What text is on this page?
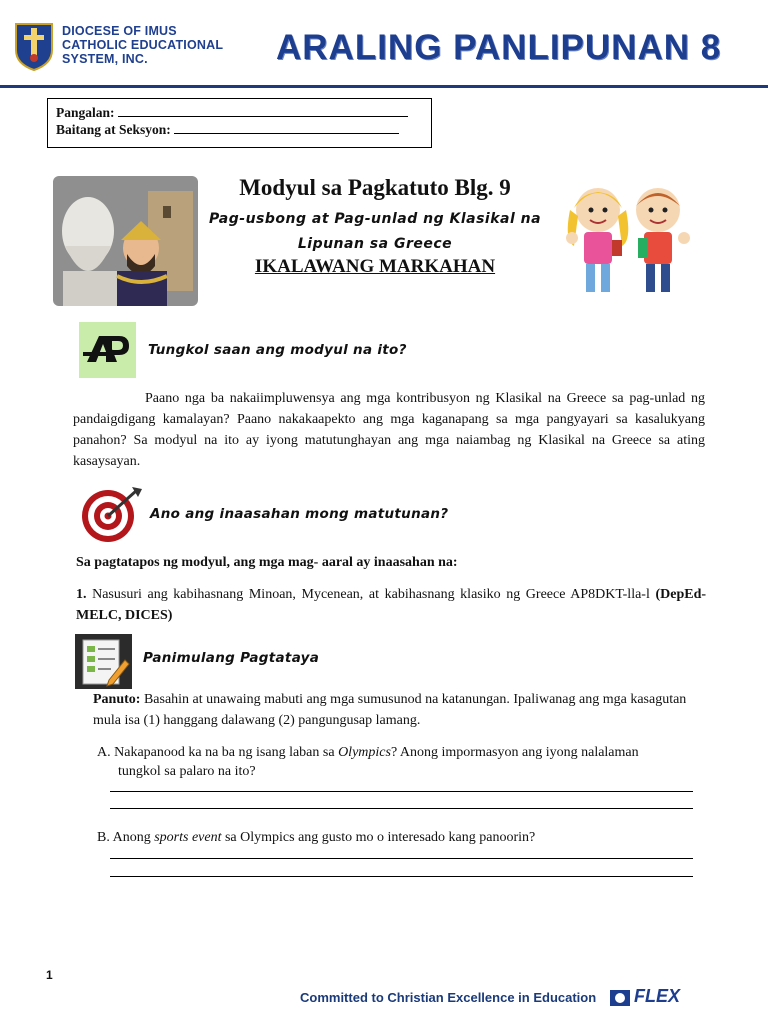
DIOCESE OF IMUS
CATHOLIC EDUCATIONAL
SYSTEM, INC.	ARALING PANLIPUNAN 8
Pangalan:
Baitang at Seksyon:
Modyul sa Pagkatuto Blg. 9
Pag-usbong at Pag-unlad ng Klasikal na
Lipunan sa Greece
IKALAWANG MARKAHAN
Tungkol saan ang modyul na ito?
Paano nga ba nakaiimpluwensya ang mga kontribusyon ng Klasikal na Greece sa pag-unlad ng pandaigdigang kamalayan? Paano nakakaapekto ang mga kaganapang sa mga pangyayari sa kasalukyang panahon? Sa modyul na ito ay iyong matutunghayan ang mga naiambag ng Klasikal na Greece sa ating kasaysayan.
Ano ang inaasahan mong matutunan?
Sa pagtatapos ng modyul, ang mga mag- aaral ay inaasahan na:
1. Nasusuri ang kabihasnang Minoan, Mycenean, at kabihasnang klasiko ng Greece AP8DKT-lla-l (DepEd-MELC, DICES)
Panimulang Pagtataya
Panuto: Basahin at unawaing mabuti ang mga sumusunod na katanungan. Ipaliwanag ang mga kasagutan mula isa (1) hanggang dalawang (2) pangungusap lamang.
A. Nakapanood ka na ba ng isang laban sa Olympics? Anong impormasyon ang iyong nalalaman
tungkol sa palaro na ito?
B. Anong sports event sa Olympics ang gusto mo o interesado kang panoorin?
1
Committed to Christian Excellence in Education FLEX
